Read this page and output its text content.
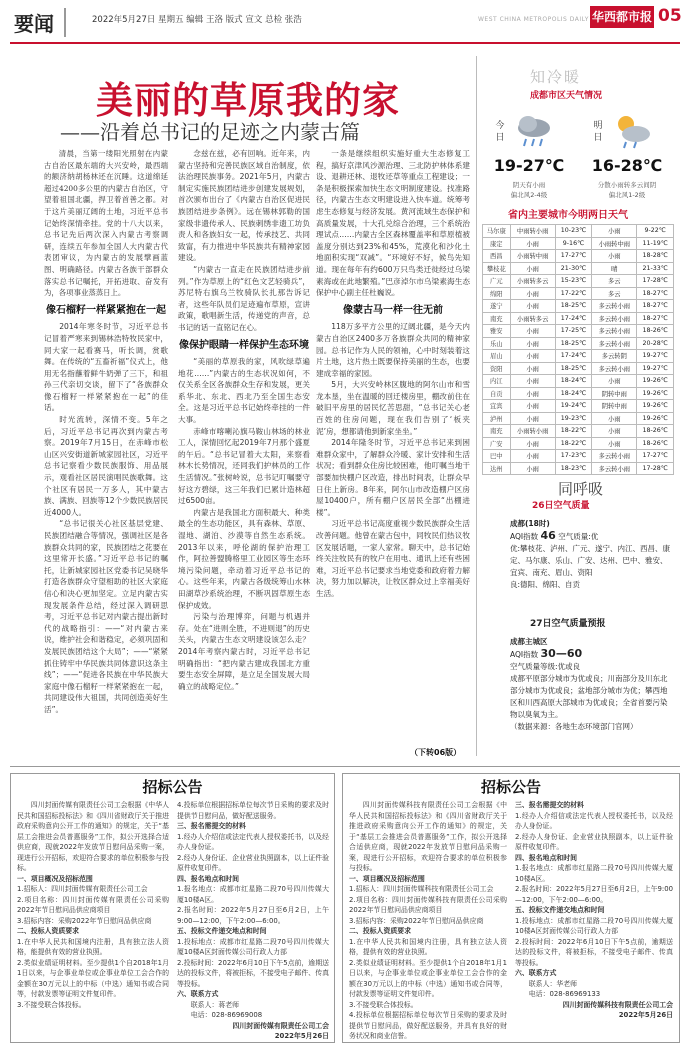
要闻	2022年5月27日 星期五 编辑 王洛 版式 宣文 总检 张浩	WEST CHINA METROPOLIS DAILY 华西都市报 05
美丽的草原我的家
——沿着总书记的足迹之内蒙古篇

清晨，当第一缕阳光照射在内蒙古自治区最东端的大兴安岭，最西端的额济纳胡杨林还在沉睡。这道绵延超过4200多公里的内蒙古自治区，守望着祖国北疆，捍卫着首善之都。对于这片美丽辽阔的土地，习近平总书记始终深情牵挂。党的十八大以来，总书记先后两次深入内蒙古考察调研，连续五年参加全国人大内蒙古代表团审议，为内蒙古的发展擘画蓝图、明确路径。内蒙古各族干部群众落实总书记嘱托，开拓进取、奋发有为，各项事业蒸蒸日上。

像石榴籽一样紧紧抱在一起

2014年寒冬时节，习近平总书记冒着严寒来到锡林浩特牧民家中，同大家一起看赛马，听长调，赏歌舞。在传统的“五畜祈福”仪式上，他用无名指蘸着鲜牛奶弹了三下，和祖孙三代亲切交谈，留下了“各族群众像石榴籽一样紧紧抱在一起”的佳话。

时光流转，深情不变。5年之后，习近平总书记再次到内蒙古考察。2019年7月15日，在赤峰市松山区兴安街道新城家园社区，习近平总书记察看少数民族服饰、用品展示，观看社区居民演唱民族歌舞。这个社区有居民一万多人，其中蒙古族、满族、回族等12个少数民族居民近4000人。

“总书记很关心社区基层党建、民族团结融合等情况，强调社区是各族群众共同的家，民族团结之花要在这里常开长盛。”习近平总书记的嘱托，让新城家园社区党委书记吴晓华打造各族群众守望相助的社区大家庭信心和决心更加坚定。立足内蒙古实现发展条件总结，经过深入调研思考，习近平总书记对内蒙古提出新时代的战略指引：——“对内蒙古来说，维护社会和谐稳定，必须巩固和发展民族团结这个大局”；——“紧紧抓住铸牢中华民族共同体意识这条主线”；——“促进各民族在中华民族大家庭中像石榴籽一样紧紧抱在一起，共同建设伟大祖国，共同创造美好生活”。

念兹在兹，必有回响。近年来，内蒙古坚持和完善民族区域自治制度，依法治理民族事务。2021年5月，内蒙古制定实施民族团结进步创建发展规划，首次颁布出台了《内蒙古自治区促进民族团结进步条例》。远在锡林郭勒的国家级非遗传承人、民族刺绣非遗工坊负责人和各族妇女一起，传承技艺、共同致富，有力推进中华民族共有精神家园建设。

“内蒙古一直走在民族团结进步前列。”作为草原上的“红色文艺轻骑兵”，苏尼特右旗乌兰牧骑队长扎那告诉记者，这些年队员们足迹遍布草原，宣讲政策，歌唱新生活，传递党的声音，总书记的话一直铭记在心。

像保护眼睛一样保护生态环境

“美丽的草原我的家，风吹绿草遍地花……”内蒙古的生态状况如何，不仅关系全区各族群众生存和发展，更关系华北、东北、西北乃至全国生态安全。这是习近平总书记始终牵挂的一件大事。

赤峰市喀喇沁旗马鞍山林场的林业工人，深情回忆起2019年7月那个盛夏的午后。“总书记冒着大太阳，来察看林木长势情况，还同我们护林员的工作生活情况。”张树岭说，总书记叮嘱要守好这方碧绿，这三年我们已累计造林超过6500亩。

内蒙古是我国北方面积最大、种类最全的生态功能区，具有森林、草原、湿地、湖泊、沙漠等自然生态系统。2013年以来，呼伦湖的保护治理工作，阿拉善盟腾格里工业园区等生态环境污染问题，牵动着习近平总书记的心。这些年来，内蒙古各级统筹山水林田湖草沙系统治理，不断巩固草原生态保护成效。

污染与治理博弈，问题与机遇并存。处在“进则全胜，不进则退”的历史关头，内蒙古生态文明建设该怎么走？2014年考察内蒙古时，习近平总书记明确指出：“把内蒙古建成我国北方重要生态安全屏障，是立足全国发展大局确立的战略定位。”

一条是继续组织实施好重大生态修复工程，搞好京津风沙源治理、三北防护林体系建设、退耕还林、退牧还草等重点工程建设；一条是积极探索加快生态文明制度建设。找准路径，内蒙古生态文明建设进入快车道。统筹考虑生态修复与经济发展。黄河流域生态保护和高质量发展，十大孔兑综合治理，三个系统治理试点……内蒙古全区森林覆盖率和草原植被盖度分别达到23%和45%，荒漠化和沙化土地面积实现“双减”。“环境好不好，候鸟先知道。现在每年有约600万只鸟类迁徙经过乌梁素海或在此地繁殖。”巴彦淖尔市乌梁素海生态保护中心副主任杜巍说。

像蒙古马一样一往无前

118万多平方公里的辽阔北疆，是今天内蒙古自治区2400多万各族群众共同的精神家园。总书记作为人民的领袖，心中时刻装着这片土地，这片热土既要保持美丽的生态，也要建成幸福的家园。

5月，大兴安岭林区腹地的阿尔山市和雪龙本垦，坐在温暖的回迁楼房里，棚改前住在破旧平房里的居民忆苦思甜，“总书记关心老百姓的住房问题，现在我们告别了‘板夹泥’房，想都请他到新家坐坐。”

2014年隆冬时节，习近平总书记来到困难群众家中，了解群众冷暖、家计安排和生活状况；看到群众住房比较困难，他叮嘱当地干部要加快棚户区改造，排出时间表，让群众早日住上新房。8年来，阿尔山市改造棚户区房屋10400户，所有棚户区居民全部“出棚进楼”。

习近平总书记高度重视少数民族群众生活改善问题。他曾在蒙古包中，同牧民们热议牧区发展话题，一家人家常。聊天中，总书记始终关注牧民有的牧户在用电、通讯上还有些困难，习近平总书记要求当地党委和政府着力解决，努力加以解决，让牧区群众过上幸福美好生活。

（下转06版）
知冷暖
成都市区天气情况
今日
19-27℃
阴天有小雨
偏北风2-4级
明日
16-28℃
分散小雨转多云间阴
偏北风1-2级
省内主要城市今明两日天气
马尔康	中雨转小雨	10-23℃	小雨	9-22℃
康定	小雨	9-16℃	小雨转中雨	11-19℃
西昌	小雨转中雨	17-27℃	小雨	18-28℃
攀枝花	小雨	21-30℃	晴	21-33℃
广元	小雨转多云	15-23℃	多云	17-28℃
绵阳	小雨	17-22℃	多云	18-27℃
遂宁	小雨	18-25℃	多云转小雨	18-27℃
南充	小雨转多云	17-24℃	多云转小雨	18-27℃
雅安	小雨	17-25℃	多云转小雨	18-26℃
乐山	小雨	18-25℃	多云转小雨	20-28℃
眉山	小雨	17-24℃	多云转阴	19-27℃
资阳	小雨	18-25℃	多云转小雨	19-27℃
内江	小雨	18-24℃	小雨	19-26℃
自贡	小雨	18-24℃	阴转中雨	19-26℃
宜宾	小雨	19-24℃	阴转中雨	19-26℃
泸州	小雨	19-23℃	小雨	19-26℃
南充	小雨转小雨	18-22℃	小雨	18-26℃
广安	小雨	18-22℃	小雨	18-26℃
巴中	小雨	17-23℃	多云转小雨	17-27℃
达州	小雨	18-23℃	多云转小雨	17-28℃
同呼吸
26日空气质量
成都(18时)
AQI指数 46 空气质量:优
优:攀枝花、泸州、广元、遂宁、内江、西昌、康定、马尔康、乐山、广安、达州、巴中、雅安、宜宾、南充、眉山、资阳
良:德阳、绵阳、自贡
27日空气质量预报
成都主城区
AQI指数 30—60
空气质量等级:优或良
成都平原部分城市为优或良；川南部分及川东北部分城市为优或良；盆地部分城市为优；攀西地区和川西高原大部城市为优或良；全省首要污染物以臭氧为主。
（数据来源：各地生态环境部门官网）
招标公告

四川封面传媒有限责任公司工会根据《中华人民共和国招标投标法》和《四川省财政厅关于推进政府采购意向公开工作的通知》的规定，关于“基层工会推进会员普惠服务”工作，拟公开选择合适供应商，现就2022年发放节日慰问品采购一案，现进行公开招标，欢迎符合要求的单位积极参与投标。

一、项目概况及招标范围

1.招标人：四川封面传媒有限责任公司工会

2.项目名称：四川封面传媒有限责任公司采购2022年节日慰问品供应商项目

3.招标内容：采购2022年节日慰问品供应商

二、投标人资质要求

1.在中华人民共和国境内注册，具有独立法人资格，能提供有效的营业执照。

2.类似业绩证明材料。至少提供1个自2018年1月1日以来，与企事业单位或企事业单位工会合作的金额在30万元以上的中标（中选）通知书或合同等，付款发票等证明文件复印件。

3.不接受联合体投标。

4.投标单位根据招标单位每次节日采购的要求及时提供节日慰问品，做好配送服务。

三、报名需提交的材料

1.经办人介绍信或法定代表人授权委托书，以及经办人身份证。

2.经办人身份证、企业营业执照副本，以上证件验原件收复印件。

四、报名地点和时间

1.报名地点：成都市红星路二段70号四川传媒大厦10楼A区。

2.报名时间：2022年5月27日至6月2日，上午9:00—12:00，下午2:00—6:00。

五、投标文件递交地点和时间

1.投标地点：成都市红星路二段70号四川传媒大厦10楼A区封面传媒公司行政人力部

2.投标时间：2022年6月10日下午5点前，逾期送达的投标文件，将被拒标，不接受电子邮件、传真等投标。

六、联系方式

联系人：蒋老师

电话：028-86969008

四川封面传媒有限责任公司工会

2022年5月26日

招标公告

四川封面传媒科技有限责任公司工会根据《中华人民共和国招标投标法》和《四川省财政厅关于推进政府采购意向公开工作的通知》的规定，关于“基层工会推进会员普惠服务”工作，拟公开选择合适供应商，现就2022年发放节日慰问品采购一案，现进行公开招标，欢迎符合要求的单位积极参与投标。

一、项目概况及招标范围

1.招标人：四川封面传媒科技有限责任公司工会

2.项目名称：四川封面传媒科技有限责任公司采购2022年节日慰问品供应商项目

3.招标内容：采购2022年节日慰问品供应商

二、投标人资质要求

1.在中华人民共和国境内注册，具有独立法人资格，提供有效的营业执照。

2.类似业绩证明材料。至少提供1个自2018年1月1日以来，与企事业单位或企事业单位工会合作的金额在30万元以上的中标（中选）通知书或合同等，付款发票等证明文件复印件。

3.不接受联合体投标。

4.投标单位根据招标单位每次节日采购的要求及时提供节日慰问品，做好配送服务，并具有良好的财务状况和商业信誉。

三、报名需提交的材料

1.经办人介绍信或法定代表人授权委托书，以及经办人身份证。

2.经办人身份证、企业营业执照副本，以上证件验原件收复印件。

四、报名地点和时间

1.报名地点：成都市红星路二段70号四川传媒大厦10楼A区。

2.报名时间：2022年5月27日至6月2日，上午9:00—12:00，下午2:00—6:00。

五、投标文件递交地点和时间

1.投标地点：成都市红星路二段70号四川传媒大厦10楼A区封面传媒公司行政人力部

2.投标时间：2022年6月10日下午5点前，逾期送达的投标文件，将被拒标，不接受电子邮件、传真等投标。

六、联系方式

联系人：华老师

电话：028-86969133

四川封面传媒科技有限责任公司工会

2022年5月26日
